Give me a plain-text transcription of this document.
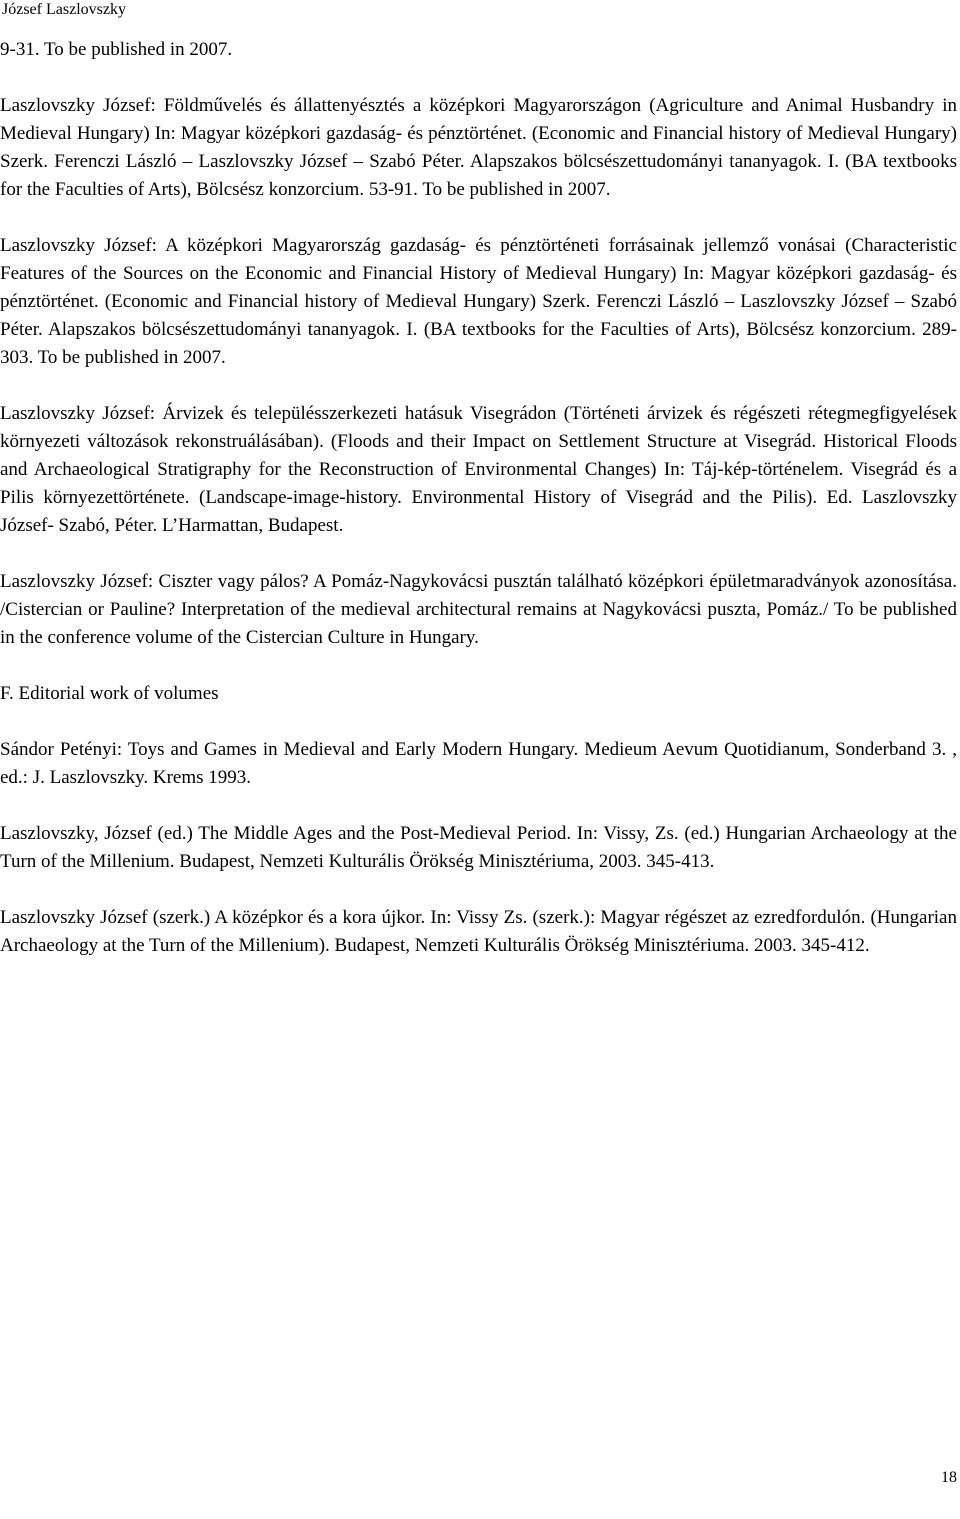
József Laszlovszky

9-31. To be published in 2007.

Laszlovszky József: Földművelés és állattenyésztés a középkori Magyarországon (Agriculture and Animal Husbandry in Medieval Hungary) In: Magyar középkori gazdaság- és pénztörténet. (Economic and Financial history of Medieval Hungary) Szerk. Ferenczi László – Laszlovszky József – Szabó Péter. Alapszakos bölcsészettudományi tananyagok. I. (BA textbooks for the Faculties of Arts), Bölcsész konzorcium. 53-91. To be published in 2007.

Laszlovszky József: A középkori Magyarország gazdaság- és pénztörténeti forrásainak jellemző vonásai (Characteristic Features of the Sources on the Economic and Financial History of Medieval Hungary) In: Magyar középkori gazdaság- és pénztörténet. (Economic and Financial history of Medieval Hungary) Szerk. Ferenczi László – Laszlovszky József – Szabó Péter. Alapszakos bölcsészettudományi tananyagok. I. (BA textbooks for the Faculties of Arts), Bölcsész konzorcium. 289-303. To be published in 2007.

Laszlovszky József: Árvizek és településszerkezeti hatásuk Visegrádon (Történeti árvizek és régészeti rétegmegfigyelések környezeti változások rekonstruálásában). (Floods and their Impact on Settlement Structure at Visegrád. Historical Floods and Archaeological Stratigraphy for the Reconstruction of Environmental Changes) In: Táj-kép-történelem. Visegrád és a Pilis környezettörténete. (Landscape-image-history. Environmental History of Visegrád and the Pilis). Ed. Laszlovszky József- Szabó, Péter. L’Harmattan, Budapest.

Laszlovszky József: Ciszter vagy pálos? A Pomáz-Nagykovácsi pusztán található középkori épületmaradványok azonosítása. /Cistercian or Pauline? Interpretation of the medieval architectural remains at Nagykovácsi puszta, Pomáz./ To be published in the conference volume of the Cistercian Culture in Hungary.

F. Editorial work of volumes

Sándor Petényi: Toys and Games in Medieval and Early Modern Hungary. Medieum Aevum Quotidianum, Sonderband 3. , ed.: J. Laszlovszky. Krems 1993.

Laszlovszky, József (ed.) The Middle Ages and the Post-Medieval Period. In: Vissy, Zs. (ed.) Hungarian Archaeology at the Turn of the Millenium. Budapest, Nemzeti Kulturális Örökség Minisztériuma, 2003. 345-413.

Laszlovszky József (szerk.) A középkor és a kora újkor. In: Vissy Zs. (szerk.): Magyar régészet az ezredfordulón. (Hungarian Archaeology at the Turn of the Millenium). Budapest, Nemzeti Kulturális Örökség Minisztériuma. 2003. 345-412.

18
